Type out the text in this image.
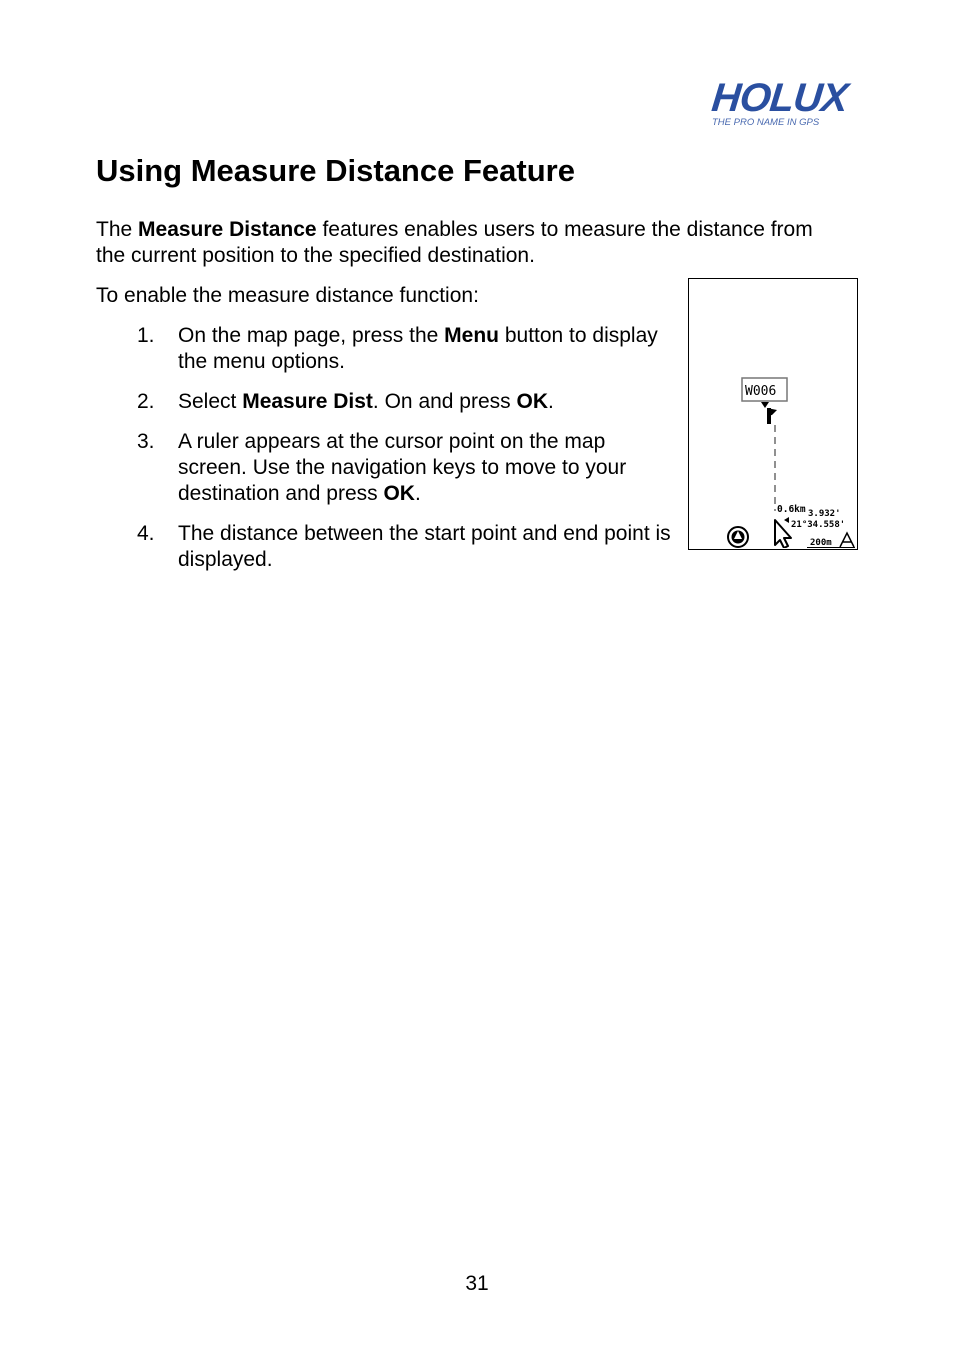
HOLUX
THE PRO NAME IN GPS
Using Measure Distance Feature

The Measure Distance features enables users to measure the distance from the current position to the specified destination.

To enable the measure distance function:

1. On the map page, press the Menu button to display the menu options.
2. Select Measure Dist. On and press OK.
3. A ruler appears at the cursor point on the map screen. Use the navigation keys to move to your destination and press OK.
4. The distance between the start point and end point is displayed.
W006
0.6km 3.932'
21°34.558'
200m
31
